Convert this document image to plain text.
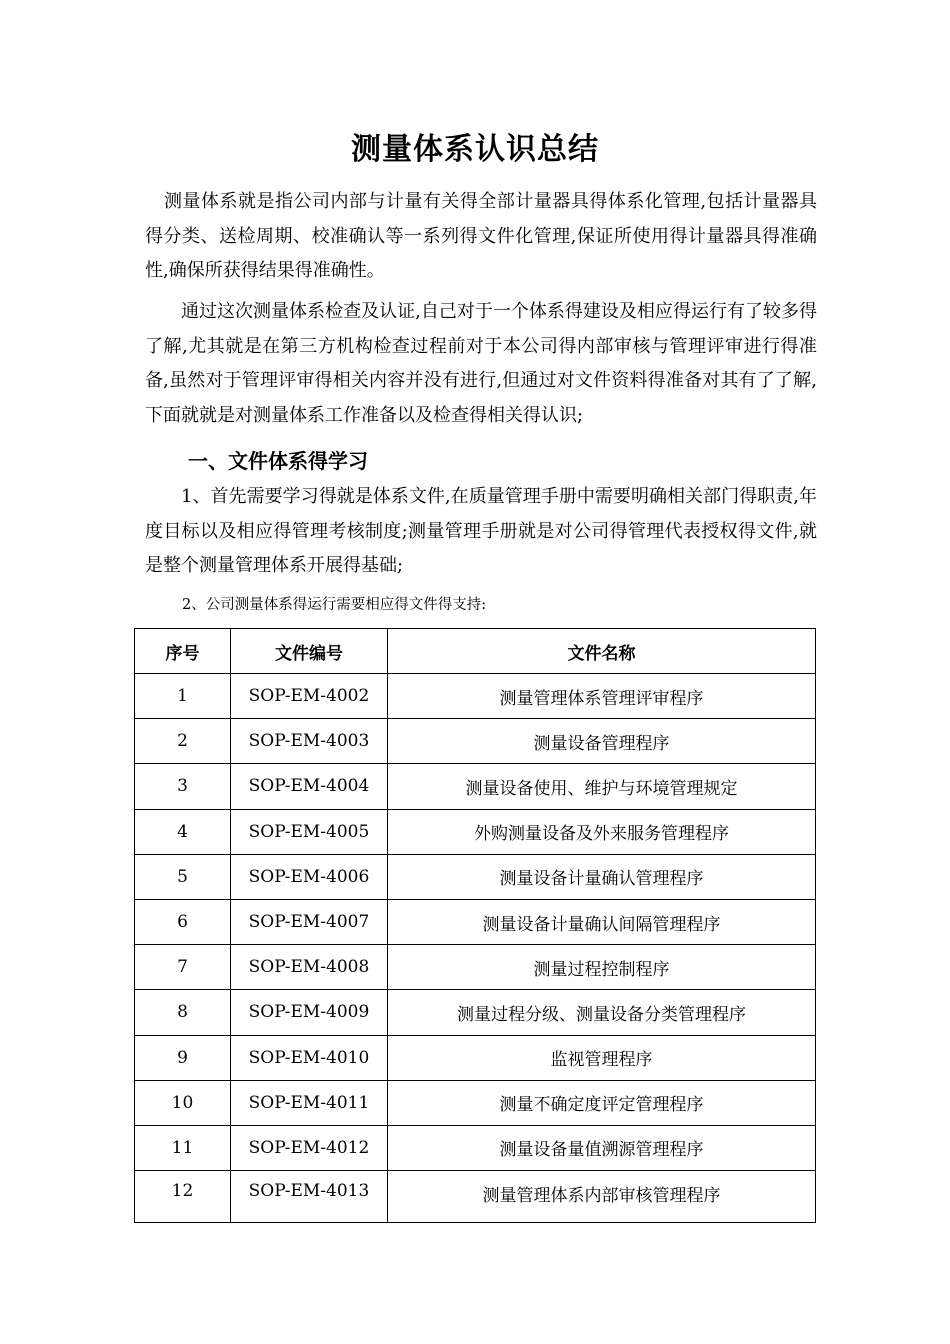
测量体系认识总结

测量体系就是指公司内部与计量有关得全部计量器具得体系化管理,包括计量器具得分类、送检周期、校准确认等一系列得文件化管理,保证所使用得计量器具得准确性,确保所获得结果得准确性。

通过这次测量体系检查及认证,自己对于一个体系得建设及相应得运行有了较多得了解,尤其就是在第三方机构检查过程前对于本公司得内部审核与管理评审进行得准备,虽然对于管理评审得相关内容并没有进行,但通过对文件资料得准备对其有了了解,下面就就是对测量体系工作准备以及检查得相关得认识;

一、文件体系得学习

1、首先需要学习得就是体系文件,在质量管理手册中需要明确相关部门得职责,年度目标以及相应得管理考核制度;测量管理手册就是对公司得管理代表授权得文件,就是整个测量管理体系开展得基础;

2、公司测量体系得运行需要相应得文件得支持:

序号	文件编号	文件名称
1	SOP-EM-4002	测量管理体系管理评审程序
2	SOP-EM-4003	测量设备管理程序
3	SOP-EM-4004	测量设备使用、维护与环境管理规定
4	SOP-EM-4005	外购测量设备及外来服务管理程序
5	SOP-EM-4006	测量设备计量确认管理程序
6	SOP-EM-4007	测量设备计量确认间隔管理程序
7	SOP-EM-4008	测量过程控制程序
8	SOP-EM-4009	测量过程分级、测量设备分类管理程序
9	SOP-EM-4010	监视管理程序
10	SOP-EM-4011	测量不确定度评定管理程序
11	SOP-EM-4012	测量设备量值溯源管理程序
12	SOP-EM-4013	测量管理体系内部审核管理程序
